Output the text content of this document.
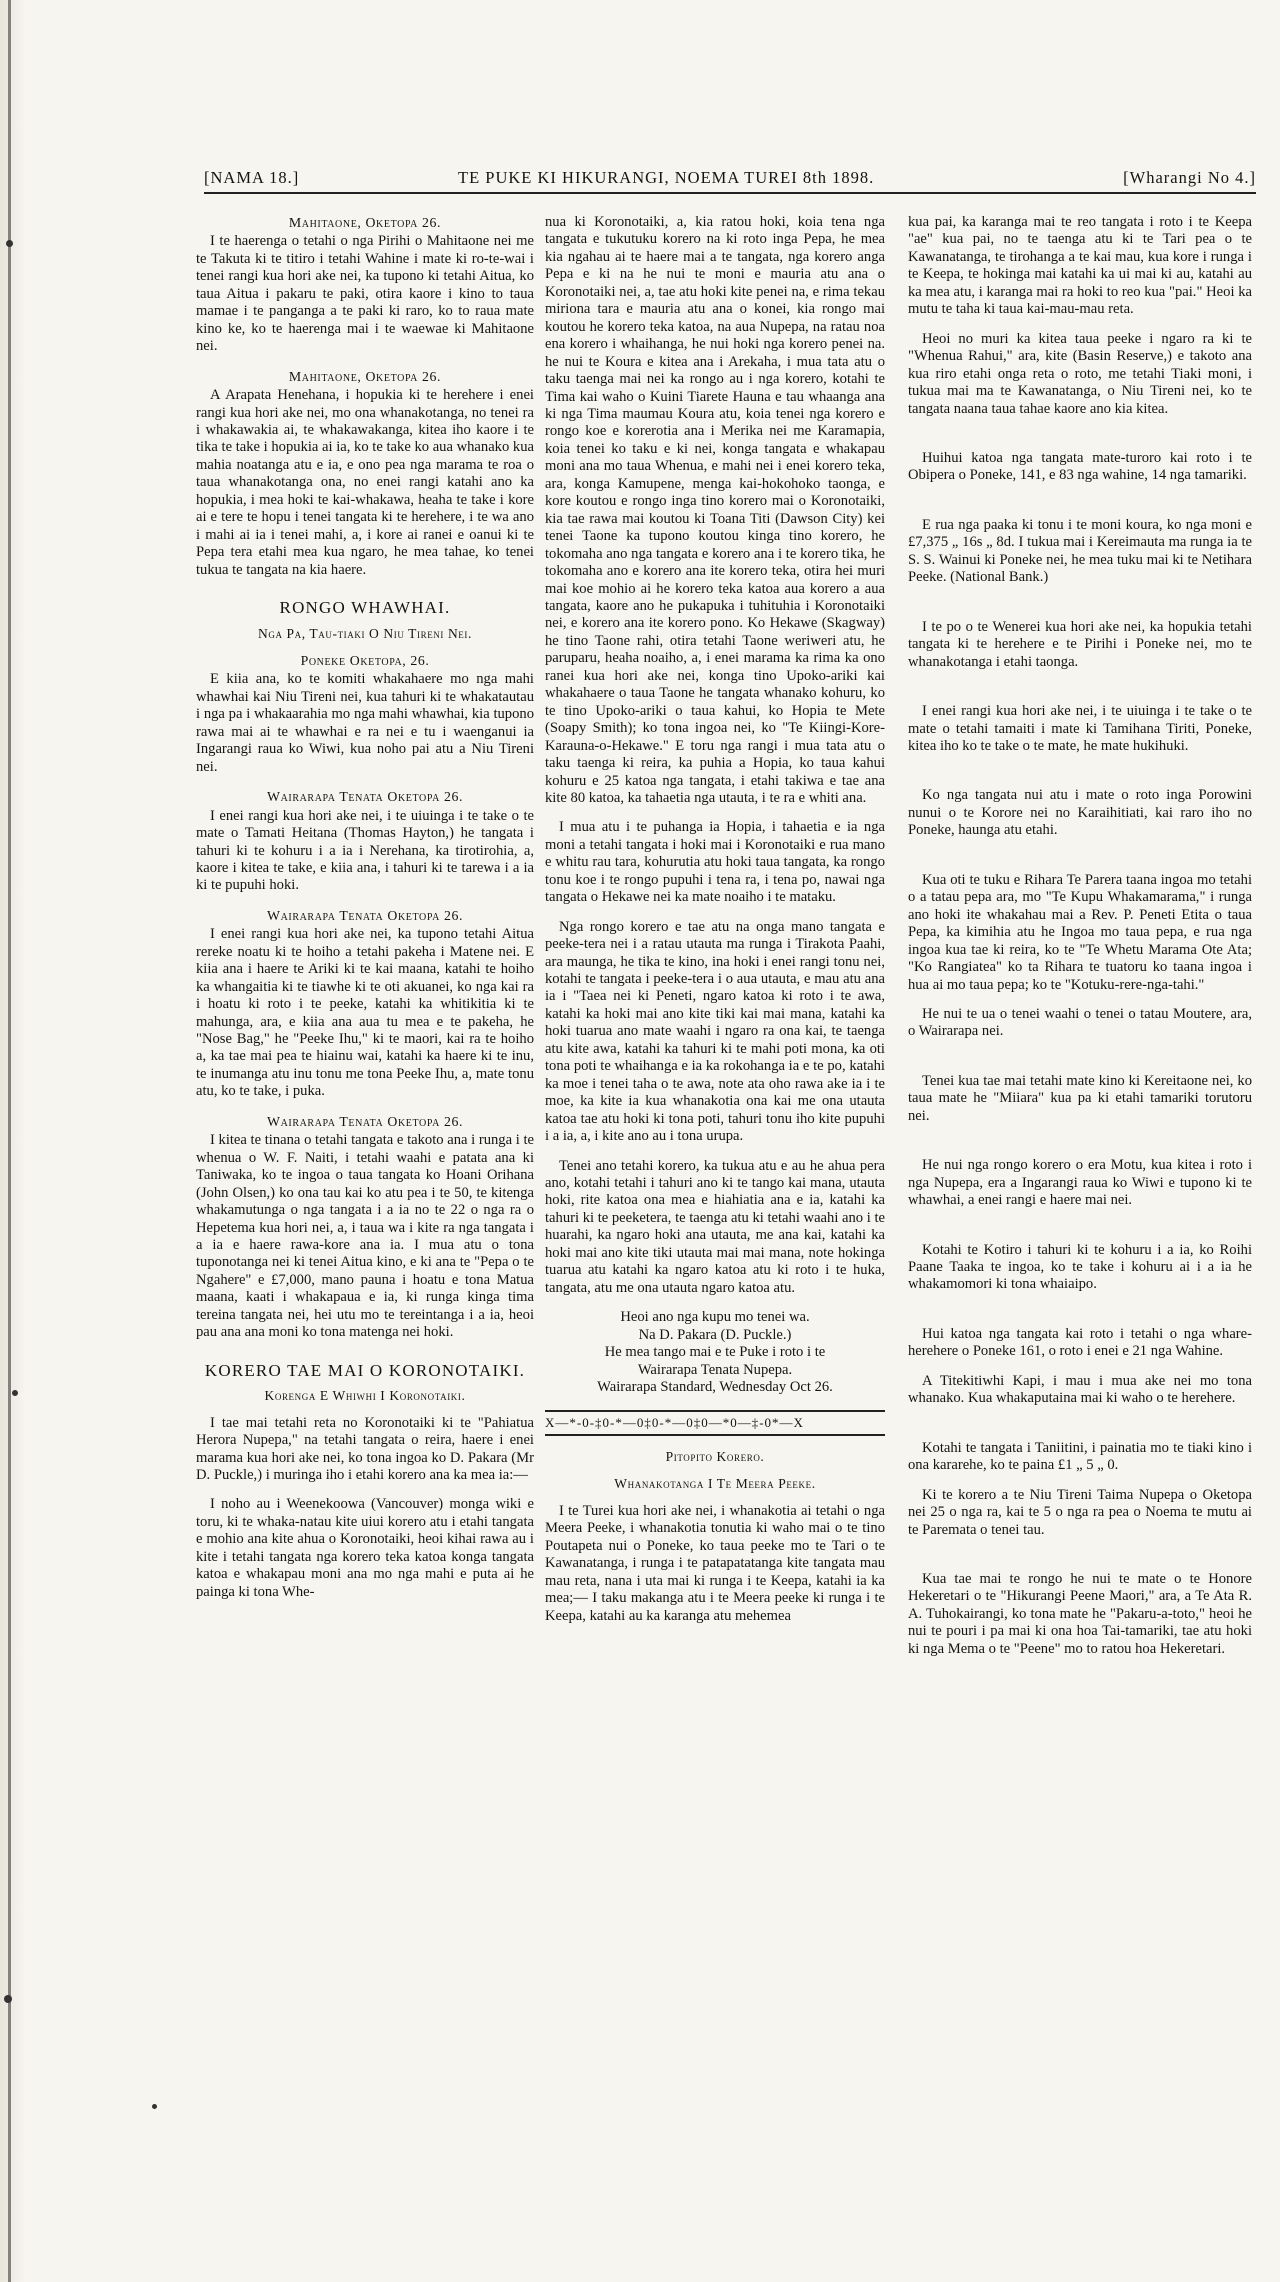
[NAMA 18.]	TE PUKE KI HIKURANGI, NOEMA TUREI 8th 1898.	[Wharangi No 4.]
Mahitaone, Oketopa 26.

I te haerenga o tetahi o nga Pirihi o Mahitaone nei me te Takuta ki te titiro i tetahi Wahine i mate ki ro-te-wai i tenei rangi kua hori ake nei, ka tupono ki tetahi Aitua, ko taua Aitua i pakaru te paki, otira kaore i kino to taua mamae i te panganga a te paki ki raro, ko to raua mate kino ke, ko te haerenga mai i te waewae ki Mahitaone nei.

Mahitaone, Oketopa 26.

A Arapata Henehana, i hopukia ki te herehere i enei rangi kua hori ake nei, mo ona whanakotanga, no tenei ra i whakawakia ai, te whakawakanga, kitea iho kaore i te tika te take i hopukia ai ia, ko te take ko aua whanako kua mahia noatanga atu e ia, e ono pea nga marama te roa o taua whanakotanga ona, no enei rangi katahi ano ka hopukia, i mea hoki te kai-whakawa, heaha te take i kore ai e tere te hopu i tenei tangata ki te herehere, i te wa ano i mahi ai ia i tenei mahi, a, i kore ai ranei e oanui ki te Pepa tera etahi mea kua ngaro, he mea tahae, ko tenei tukua te tangata na kia haere.

RONGO WHAWHAI.
Nga Pa, Tau-tiaki O Niu Tireni Nei.
Poneke Oketopa, 26.

E kiia ana, ko te komiti whakahaere mo nga mahi whawhai kai Niu Tireni nei, kua tahuri ki te whakatautau i nga pa i whakaarahia mo nga mahi whawhai, kia tupono rawa mai ai te whawhai e ra nei e tu i waenganui ia Ingarangi raua ko Wiwi, kua noho pai atu a Niu Tireni nei.

Wairarapa Tenata Oketopa 26.

I enei rangi kua hori ake nei, i te uiuinga i te take o te mate o Tamati Heitana (Thomas Hayton,) he tangata i tahuri ki te kohuru i a ia i Nerehana, ka tirotirohia, a, kaore i kitea te take, e kiia ana, i tahuri ki te tarewa i a ia ki te pupuhi hoki.

Wairarapa Tenata Oketopa 26.

I enei rangi kua hori ake nei, ka tupono tetahi Aitua rereke noatu ki te hoiho a tetahi pakeha i Matene nei. E kiia ana i haere te Ariki ki te kai maana, katahi te hoiho ka whangaitia ki te tiawhe ki te oti akuanei, ko nga kai ra i hoatu ki roto i te peeke, katahi ka whitikitia ki te mahunga, ara, e kiia ana aua tu mea e te pakeha, he "Nose Bag," he "Peeke Ihu," ki te maori, kai ra te hoiho a, ka tae mai pea te hiainu wai, katahi ka haere ki te inu, te inumanga atu inu tonu me tona Peeke Ihu, a, mate tonu atu, ko te take, i puka.

Wairarapa Tenata Oketopa 26.

I kitea te tinana o tetahi tangata e takoto ana i runga i te whenua o W. F. Naiti, i tetahi waahi e patata ana ki Taniwaka, ko te ingoa o taua tangata ko Hoani Orihana (John Olsen,) ko ona tau kai ko atu pea i te 50, te kitenga whakamutunga o nga tangata i a ia no te 22 o nga ra o Hepetema kua hori nei, a, i taua wa i kite ra nga tangata i a ia e haere rawa-kore ana ia. I mua atu o tona tuponotanga nei ki tenei Aitua kino, e ki ana te "Pepa o te Ngahere" e £7,000, mano pauna i hoatu e tona Matua maana, kaati i whakapaua e ia, ki runga kinga tima tereina tangata nei, hei utu mo te tereintanga i a ia, heoi pau ana ana moni ko tona matenga nei hoki.

KORERO TAE MAI O KORONOTAIKI.
Korenga E Whiwhi I Koronotaiki.

I tae mai tetahi reta no Koronotaiki ki te "Pahiatua Herora Nupepa," na tetahi tangata o reira, haere i enei marama kua hori ake nei, ko tona ingoa ko D. Pakara (Mr D. Puckle,) i muringa iho i etahi korero ana ka mea ia:—

I noho au i Weenekoowa (Vancouver) monga wiki e toru, ki te whaka-natau kite uiui korero atu i etahi tangata e mohio ana kite ahua o Koronotaiki, heoi kihai rawa au i kite i tetahi tangata nga korero teka katoa konga tangata katoa e whakapau moni ana mo nga mahi e puta ai he painga ki tona Whe-

nua ki Koronotaiki, a, kia ratou hoki, koia tena nga tangata e tukutuku korero na ki roto inga Pepa, he mea kia ngahau ai te haere mai a te tangata, nga korero anga Pepa e ki na he nui te moni e mauria atu ana o Koronotaiki nei, a, tae atu hoki kite penei na, e rima tekau miriona tara e mauria atu ana o konei, kia rongo mai koutou he korero teka katoa, na aua Nupepa, na ratau noa ena korero i whaihanga, he nui hoki nga korero penei na. he nui te Koura e kitea ana i Arekaha, i mua tata atu o taku taenga mai nei ka rongo au i nga korero, kotahi te Tima kai waho o Kuini Tiarete Hauna e tau whaanga ana ki nga Tima maumau Koura atu, koia tenei nga korero e rongo koe e korerotia ana i Merika nei me Karamapia, koia tenei ko taku e ki nei, konga tangata e whakapau moni ana mo taua Whenua, e mahi nei i enei korero teka, ara, konga Kamupene, menga kai-hokohoko taonga, e kore koutou e rongo inga tino korero mai o Koronotaiki, kia tae rawa mai koutou ki Toana Titi (Dawson City) kei tenei Taone ka tupono koutou kinga tino korero, he tokomaha ano nga tangata e korero ana i te korero tika, he tokomaha ano e korero ana ite korero teka, otira hei muri mai koe mohio ai he korero teka katoa aua korero a aua tangata, kaore ano he pukapuka i tuhituhia i Koronotaiki nei, e korero ana ite korero pono. Ko Hekawe (Skagway) he tino Taone rahi, otira tetahi Taone weriweri atu, he paruparu, heaha noaiho, a, i enei marama ka rima ka ono ranei kua hori ake nei, konga tino Upoko-ariki kai whakahaere o taua Taone he tangata whanako kohuru, ko te tino Upoko-ariki o taua kahui, ko Hopia te Mete (Soapy Smith); ko tona ingoa nei, ko "Te Kiingi-Kore-Karauna-o-Hekawe." E toru nga rangi i mua tata atu o taku taenga ki reira, ka puhia a Hopia, ko taua kahui kohuru e 25 katoa nga tangata, i etahi takiwa e tae ana kite 80 katoa, ka tahaetia nga utauta, i te ra e whiti ana.

I mua atu i te puhanga ia Hopia, i tahaetia e ia nga moni a tetahi tangata i hoki mai i Koronotaiki e rua mano e whitu rau tara, kohurutia atu hoki taua tangata, ka rongo tonu koe i te rongo pupuhi i tena ra, i tena po, nawai nga tangata o Hekawe nei ka mate noaiho i te mataku.

Nga rongo korero e tae atu na onga mano tangata e peeke-tera nei i a ratau utauta ma runga i Tirakota Paahi, ara maunga, he tika te kino, ina hoki i enei rangi tonu nei, kotahi te tangata i peeke-tera i o aua utauta, e mau atu ana ia i "Taea nei ki Peneti, ngaro katoa ki roto i te awa, katahi ka hoki mai ano kite tiki kai mai mana, katahi ka hoki tuarua ano mate waahi i ngaro ra ona kai, te taenga atu kite awa, katahi ka tahuri ki te mahi poti mona, ka oti tona poti te whaihanga e ia ka rokohanga ia e te po, katahi ka moe i tenei taha o te awa, note ata oho rawa ake ia i te moe, ka kite ia kua whanakotia ona kai me ona utauta katoa tae atu hoki ki tona poti, tahuri tonu iho kite pupuhi i a ia, a, i kite ano au i tona urupa.

Tenei ano tetahi korero, ka tukua atu e au he ahua pera ano, kotahi tetahi i tahuri ano ki te tango kai mana, utauta hoki, rite katoa ona mea e hiahiatia ana e ia, katahi ka tahuri ki te peeketera, te taenga atu ki tetahi waahi ano i te huarahi, ka ngaro hoki ana utauta, me ana kai, katahi ka hoki mai ano kite tiki utauta mai mai mana, note hokinga tuarua atu katahi ka ngaro katoa atu ki roto i te huka, tangata, atu me ona utauta ngaro katoa atu.

Heoi ano nga kupu mo tenei wa.
Na D. Pakara (D. Puckle.)
He mea tango mai e te Puke i roto i te
Wairarapa Tenata Nupepa.
Wairarapa Standard, Wednesday Oct 26.
X—*-0-‡0-*—0‡0-*—0‡0—*0—‡-0*—X
Pitopito Korero.
Whanakotanga I Te Meera Peeke.

I te Turei kua hori ake nei, i whanakotia ai tetahi o nga Meera Peeke, i whanakotia tonutia ki waho mai o te tino Poutapeta nui o Poneke, ko taua peeke mo te Tari o te Kawanatanga, i runga i te patapatatanga kite tangata mau mau reta, nana i uta mai ki runga i te Keepa, katahi ia ka mea;— I taku makanga atu i te Meera peeke ki runga i te Keepa, katahi au ka karanga atu mehemea

kua pai, ka karanga mai te reo tangata i roto i te Keepa "ae" kua pai, no te taenga atu ki te Tari pea o te Kawanatanga, te tirohanga a te kai mau, kua kore i runga i te Keepa, te hokinga mai katahi ka ui mai ki au, katahi au ka mea atu, i karanga mai ra hoki to reo kua "pai." Heoi ka mutu te taha ki taua kai-mau-mau reta.

Heoi no muri ka kitea taua peeke i ngaro ra ki te "Whenua Rahui," ara, kite (Basin Reserve,) e takoto ana kua riro etahi onga reta o roto, me tetahi Tiaki moni, i tukua mai ma te Kawanatanga, o Niu Tireni nei, ko te tangata naana taua tahae kaore ano kia kitea.

Huihui katoa nga tangata mate-turoro kai roto i te Obipera o Poneke, 141, e 83 nga wahine, 14 nga tamariki.

E rua nga paaka ki tonu i te moni koura, ko nga moni e £7,375 „ 16s „ 8d. I tukua mai i Kereimauta ma runga ia te S. S. Wainui ki Poneke nei, he mea tuku mai ki te Netihara Peeke. (National Bank.)

I te po o te Wenerei kua hori ake nei, ka hopukia tetahi tangata ki te herehere e te Pirihi i Poneke nei, mo te whanakotanga i etahi taonga.

I enei rangi kua hori ake nei, i te uiuinga i te take o te mate o tetahi tamaiti i mate ki Tamihana Tiriti, Poneke, kitea iho ko te take o te mate, he mate hukihuki.

Ko nga tangata nui atu i mate o roto inga Porowini nunui o te Korore nei no Karaihitiati, kai raro iho no Poneke, haunga atu etahi.

Kua oti te tuku e Rihara Te Parera taana ingoa mo tetahi o a tatau pepa ara, mo "Te Kupu Whakamarama," i runga ano hoki ite whakahau mai a Rev. P. Peneti Etita o taua Pepa, ka kimihia atu he Ingoa mo taua pepa, e rua nga ingoa kua tae ki reira, ko te "Te Whetu Marama Ote Ata; "Ko Rangiatea" ko ta Rihara te tuatoru ko taana ingoa i hua ai mo taua pepa; ko te "Kotuku-rere-nga-tahi."

He nui te ua o tenei waahi o tenei o tatau Moutere, ara, o Wairarapa nei.

Tenei kua tae mai tetahi mate kino ki Kereitaone nei, ko taua mate he "Miiara" kua pa ki etahi tamariki torutoru nei.

He nui nga rongo korero o era Motu, kua kitea i roto i nga Nupepa, era a Ingarangi raua ko Wiwi e tupono ki te whawhai, a enei rangi e haere mai nei.

Kotahi te Kotiro i tahuri ki te kohuru i a ia, ko Roihi Paane Taaka te ingoa, ko te take i kohuru ai i a ia he whakamomori ki tona whaiaipo.

Hui katoa nga tangata kai roto i tetahi o nga whare-herehere o Poneke 161, o roto i enei e 21 nga Wahine.

A Titekitiwhi Kapi, i mau i mua ake nei mo tona whanako. Kua whakaputaina mai ki waho o te herehere.

Kotahi te tangata i Taniitini, i painatia mo te tiaki kino i ona kararehe, ko te paina £1 „ 5 „ 0.

Ki te korero a te Niu Tireni Taima Nupepa o Oketopa nei 25 o nga ra, kai te 5 o nga ra pea o Noema te mutu ai te Paremata o tenei tau.

Kua tae mai te rongo he nui te mate o te Honore Hekeretari o te "Hikurangi Peene Maori," ara, a Te Ata R. A. Tuhokairangi, ko tona mate he "Pakaru-a-toto," heoi he nui te pouri i pa mai ki ona hoa Tai-tamariki, tae atu hoki ki nga Mema o te "Peene" mo to ratou hoa Hekeretari.
